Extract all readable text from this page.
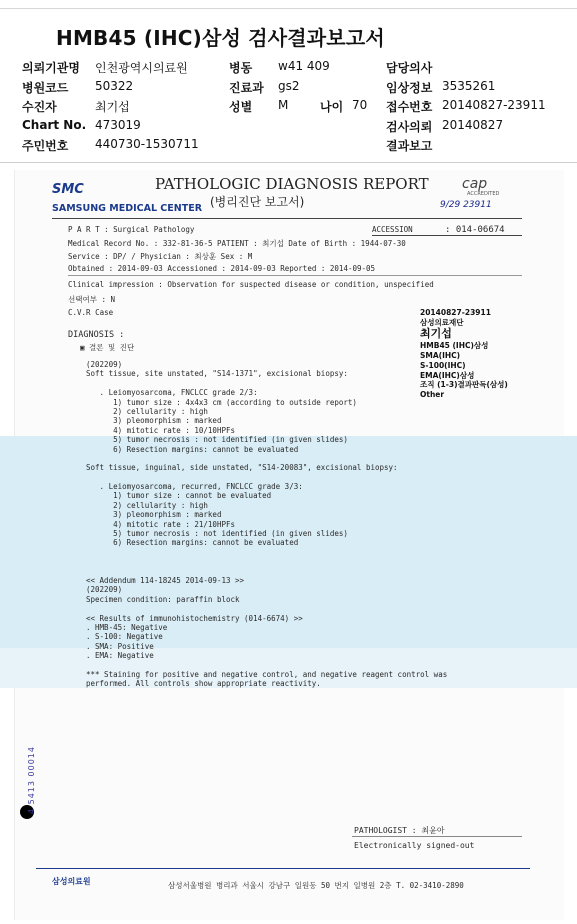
HMB45 (IHC)삼성 검사결과보고서
의뢰기관명 인천광역시의료원	병동 w41 409	담당의사
병원코드 50322	진료과 gs2	임상정보 3535261
수진자	최기섭	성별 M	나이 70 접수번호 20140827-23911
Chart No. 473019	검사의뢰 20140827
주민번호 440730-1530711	결과보고
SMC
SAMSUNG MEDICAL CENTER
PATHOLOGIC DIAGNOSIS REPORT
(병리진단 보고서)
cap
ACCREDITED
9/29 23911
P A R T : Surgical Pathology	ACCESSION	: 014-06674
Medical Record No. : 332-81-36-5 PATIENT : 최기섭 Date of Birth : 1944-07-30
Service : DP/ / Physician : 최상훈 Sex : M
Obtained : 2014-09-03 Accessioned : 2014-09-03 Reported : 2014-09-05
Clinical impression : Observation for suspected disease or condition, unspecified
선택여부 : N
C.V.R Case
DIAGNOSIS :
▣ 결론 및 진단
20140827-23911
삼성의료재단
최기섭
HMB45 (IHC)삼성
SMA(IHC)
S-100(IHC)
EMA(IHC)삼성
조직 (1-3)결과판독(삼성)
Other
(202209)
Soft tissue, site unstated, "S14-1371", excisional biopsy:
. Leiomyosarcoma, FNCLCC grade 2/3:
1) tumor size : 4x4x3 cm (according to outside report)
2) cellularity : high
3) pleomorphism : marked
4) mitotic rate : 10/10HPFs
5) tumor necrosis : not identified (in given slides)
6) Resection margins: cannot be evaluated
Soft tissue, inguinal, side unstated, "S14-20083", excisional biopsy:
. Leiomyosarcoma, recurred, FNCLCC grade 3/3:
1) tumor size : cannot be evaluated
2) cellularity : high
3) pleomorphism : marked
4) mitotic rate : 21/10HPFs
5) tumor necrosis : not identified (in given slides)
6) Resection margins: cannot be evaluated
<< Addendum 114-18245 2014-09-13 >>
(202209)
Specimen condition: paraffin block
<< Results of immunohistochemistry (014-6674) >>
. HMB-45: Negative
. S-100: Negative
. SMA: Positive
. EMA: Negative
*** Staining for positive and negative control, and negative reagent control was
performed. All controls show appropriate reactivity.
PATHOLOGIST : 최윤아
Electronically signed-out
4 5413 00014
삼성의료원	삼성서울병원 병리과 서울시 강남구 일원동 50 번지 일병원 2층 T. 02-3410-2890
